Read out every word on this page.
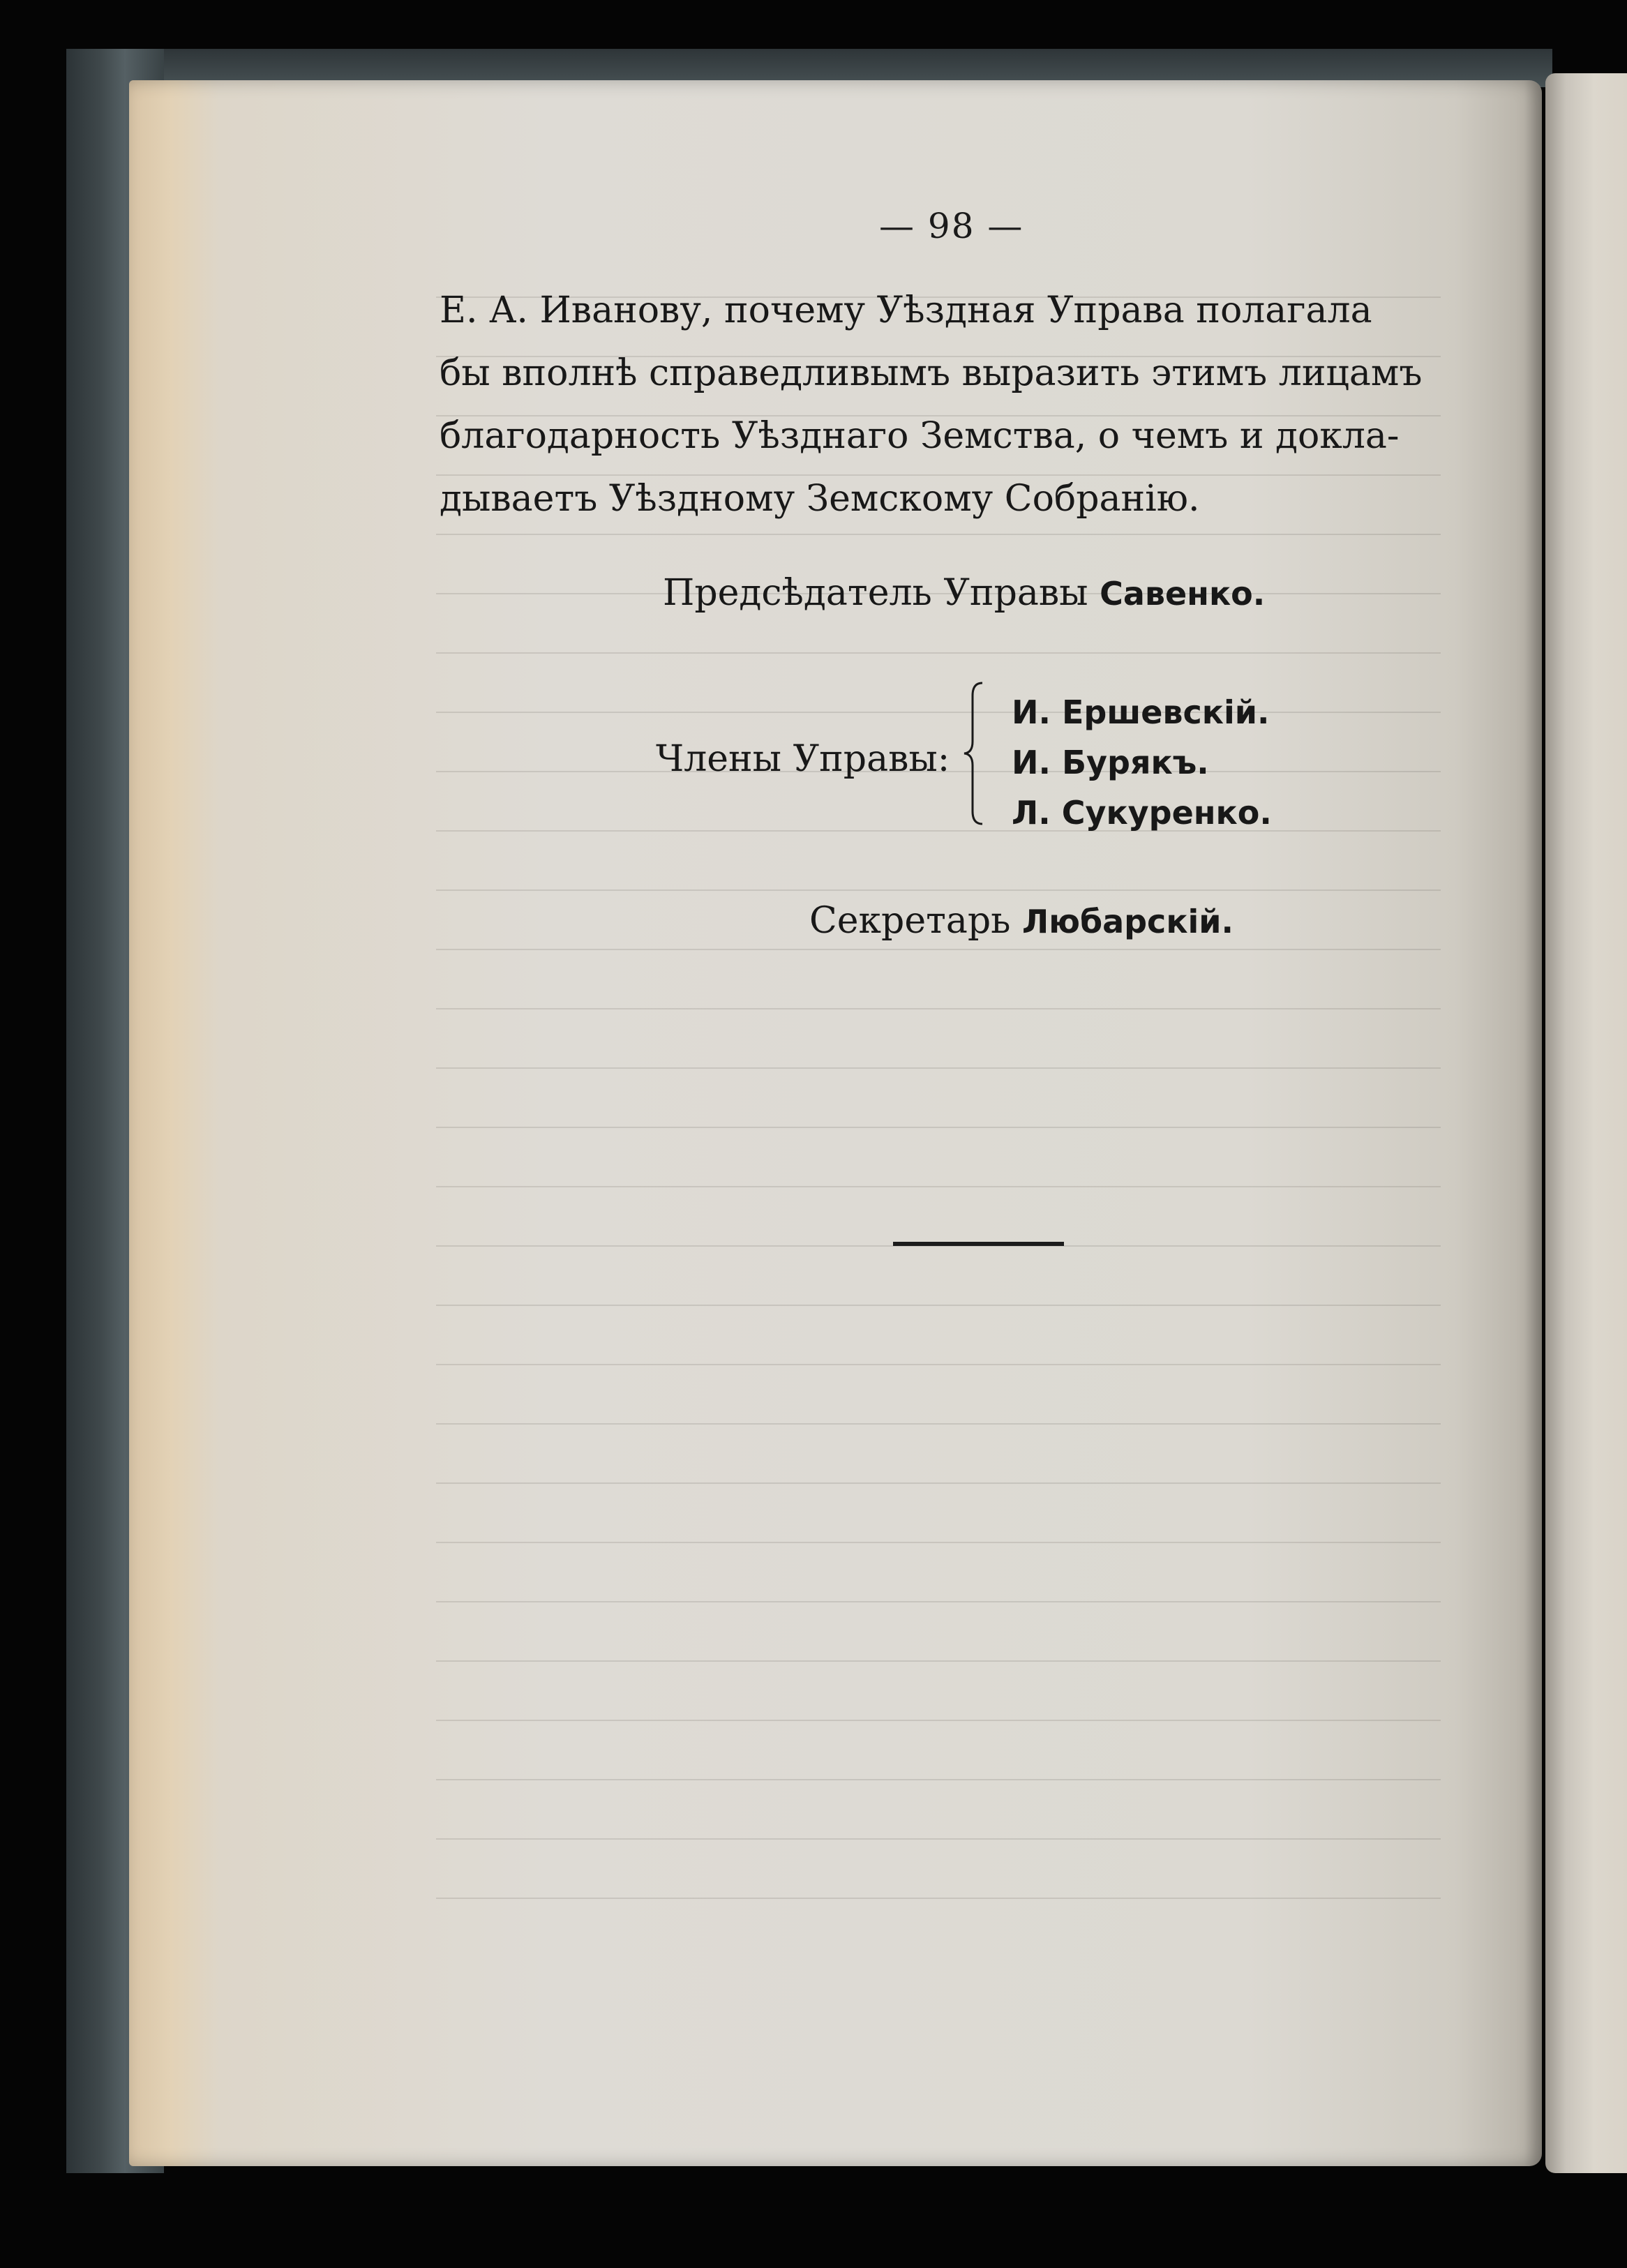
— 98 —

Е. А. Иванову, почему Уѣздная Управа полагала

бы вполнѣ справедливымъ выразить этимъ лицамъ

благодарность Уѣзднаго Земства, о чемъ и докла-

дываетъ Уѣздному Земскому Собранію.

Предсѣдатель Управы Савенко.
Члены Управы:
И. Ершевскій.
И. Бурякъ.
Л. Сукуренко.
Секретарь Любарскій.
